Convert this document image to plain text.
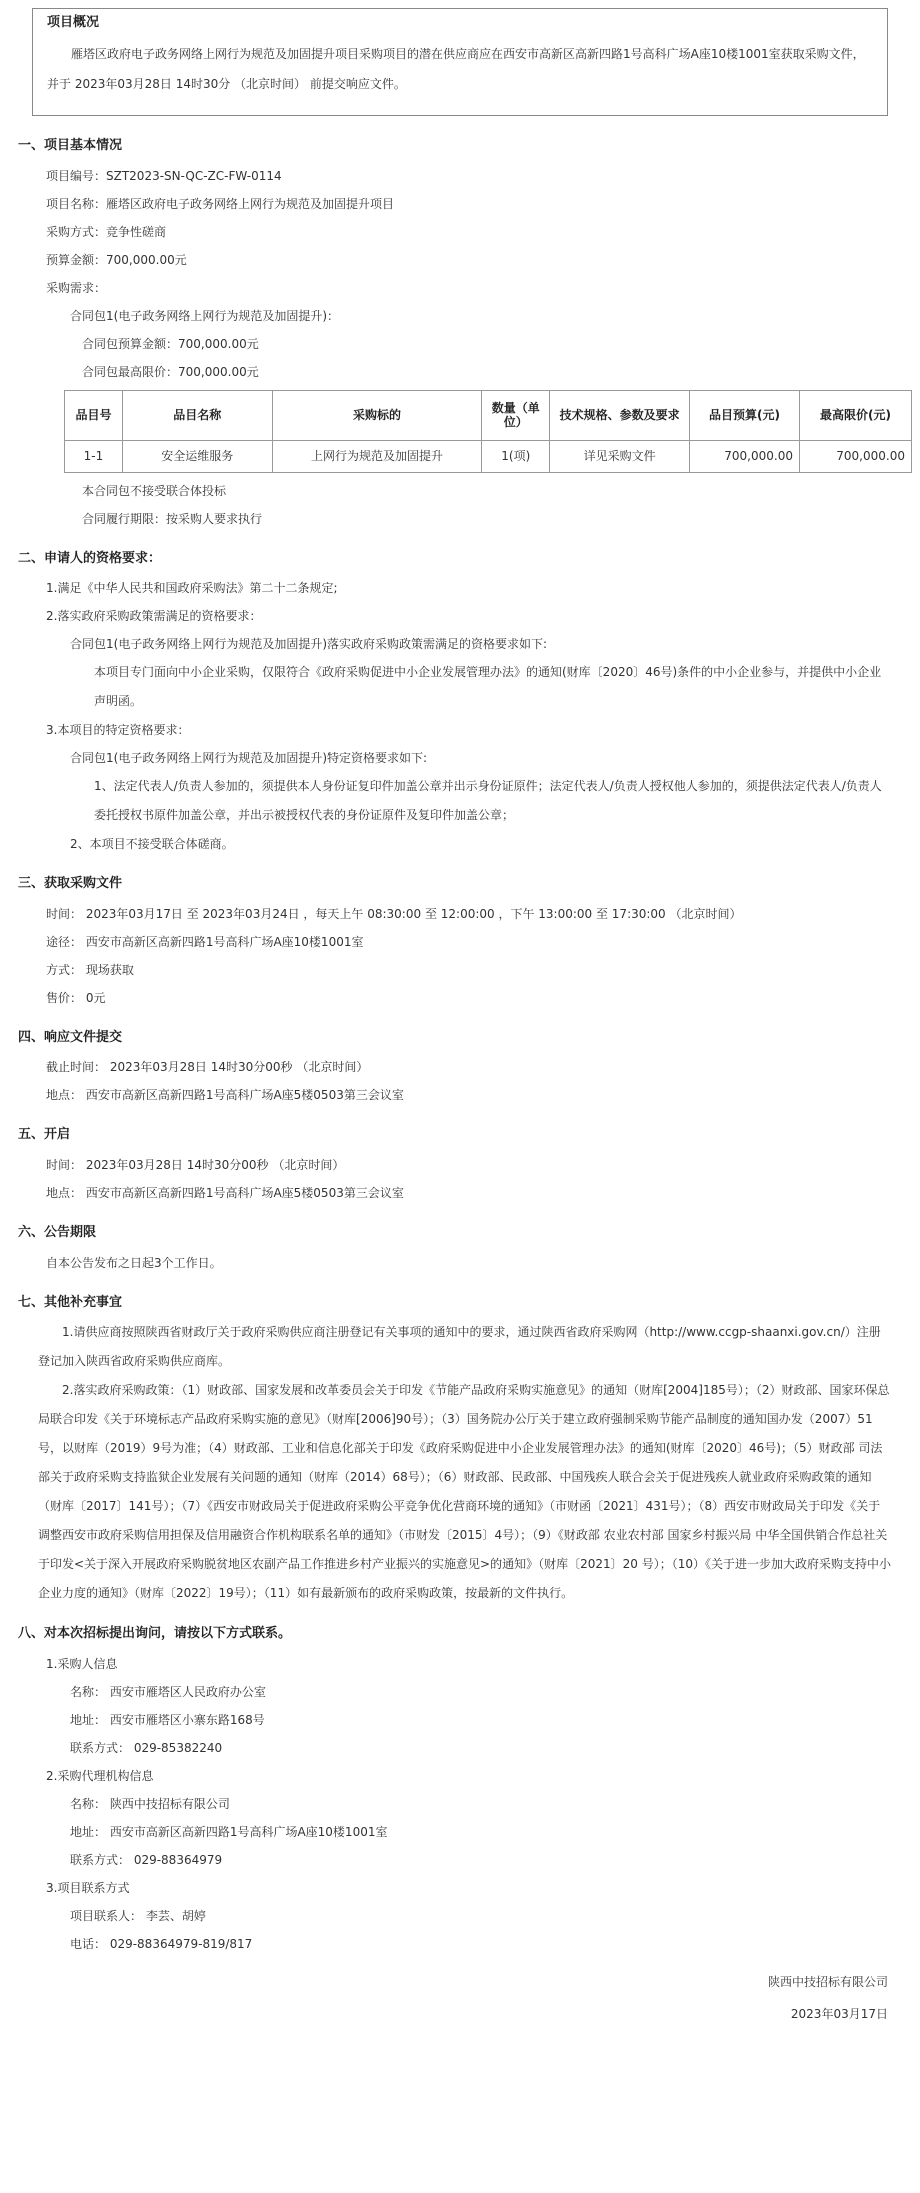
项目概况
雁塔区政府电子政务网络上网行为规范及加固提升项目采购项目的潜在供应商应在西安市高新区高新四路1号高科广场A座10楼1001室获取采购文件，并于 2023年03月28日 14时30分 （北京时间） 前提交响应文件。
一、项目基本情况
项目编号：SZT2023-SN-QC-ZC-FW-0114
项目名称：雁塔区政府电子政务网络上网行为规范及加固提升项目
采购方式：竞争性磋商
预算金额：700,000.00元
采购需求：
合同包1(电子政务网络上网行为规范及加固提升)：
合同包预算金额：700,000.00元
合同包最高限价：700,000.00元
品目号	品目名称	采购标的	数量（单位）	技术规格、参数及要求	品目预算(元)	最高限价(元)
1-1	安全运维服务	上网行为规范及加固提升	1(项)	详见采购文件	700,000.00	700,000.00
本合同包不接受联合体投标
合同履行期限：按采购人要求执行
二、申请人的资格要求：
1.满足《中华人民共和国政府采购法》第二十二条规定;
2.落实政府采购政策需满足的资格要求：
合同包1(电子政务网络上网行为规范及加固提升)落实政府采购政策需满足的资格要求如下:
本项目专门面向中小企业采购，仅限符合《政府采购促进中小企业发展管理办法》的通知(财库〔2020〕46号)条件的中小企业参与，并提供中小企业声明函。
3.本项目的特定资格要求：
合同包1(电子政务网络上网行为规范及加固提升)特定资格要求如下:
1、法定代表人/负责人参加的，须提供本人身份证复印件加盖公章并出示身份证原件；法定代表人/负责人授权他人参加的，须提供法定代表人/负责人委托授权书原件加盖公章，并出示被授权代表的身份证原件及复印件加盖公章；
2、本项目不接受联合体磋商。
三、获取采购文件
时间： 2023年03月17日 至 2023年03月24日 ，每天上午 08:30:00 至 12:00:00 ，下午 13:00:00 至 17:30:00 （北京时间）
途径： 西安市高新区高新四路1号高科广场A座10楼1001室
方式： 现场获取
售价： 0元
四、响应文件提交
截止时间： 2023年03月28日 14时30分00秒 （北京时间）
地点： 西安市高新区高新四路1号高科广场A座5楼0503第三会议室
五、开启
时间： 2023年03月28日 14时30分00秒 （北京时间）
地点： 西安市高新区高新四路1号高科广场A座5楼0503第三会议室
六、公告期限
自本公告发布之日起3个工作日。
七、其他补充事宜
1.请供应商按照陕西省财政厅关于政府采购供应商注册登记有关事项的通知中的要求，通过陕西省政府采购网（http://www.ccgp-shaanxi.gov.cn/）注册登记加入陕西省政府采购供应商库。
2.落实政府采购政策：（1）财政部、国家发展和改革委员会关于印发《节能产品政府采购实施意见》的通知（财库[2004]185号）；（2）财政部、国家环保总局联合印发《关于环境标志产品政府采购实施的意见》（财库[2006]90号）；（3）国务院办公厅关于建立政府强制采购节能产品制度的通知国办发（2007）51号，以财库（2019）9号为准；（4）财政部、工业和信息化部关于印发《政府采购促进中小企业发展管理办法》的通知(财库〔2020〕46号)；（5）财政部 司法部关于政府采购支持监狱企业发展有关问题的通知（财库（2014）68号）；（6）财政部、民政部、中国残疾人联合会关于促进残疾人就业政府采购政策的通知（财库〔2017〕141号）；（7）《西安市财政局关于促进政府采购公平竞争优化营商环境的通知》（市财函〔2021〕431号）；（8）西安市财政局关于印发《关于调整西安市政府采购信用担保及信用融资合作机构联系名单的通知》（市财发〔2015〕4号）；（9）《财政部 农业农村部 国家乡村振兴局 中华全国供销合作总社关于印发<关于深入开展政府采购脱贫地区农副产品工作推进乡村产业振兴的实施意见>的通知》（财库〔2021〕20 号）；（10）《关于进一步加大政府采购支持中小企业力度的通知》（财库〔2022〕19号）；（11）如有最新颁布的政府采购政策，按最新的文件执行。
八、对本次招标提出询问，请按以下方式联系。
1.采购人信息
名称： 西安市雁塔区人民政府办公室
地址： 西安市雁塔区小寨东路168号
联系方式： 029-85382240
2.采购代理机构信息
名称： 陕西中技招标有限公司
地址： 西安市高新区高新四路1号高科广场A座10楼1001室
联系方式： 029-88364979
3.项目联系方式
项目联系人： 李芸、胡婷
电话： 029-88364979-819/817
陕西中技招标有限公司
2023年03月17日
